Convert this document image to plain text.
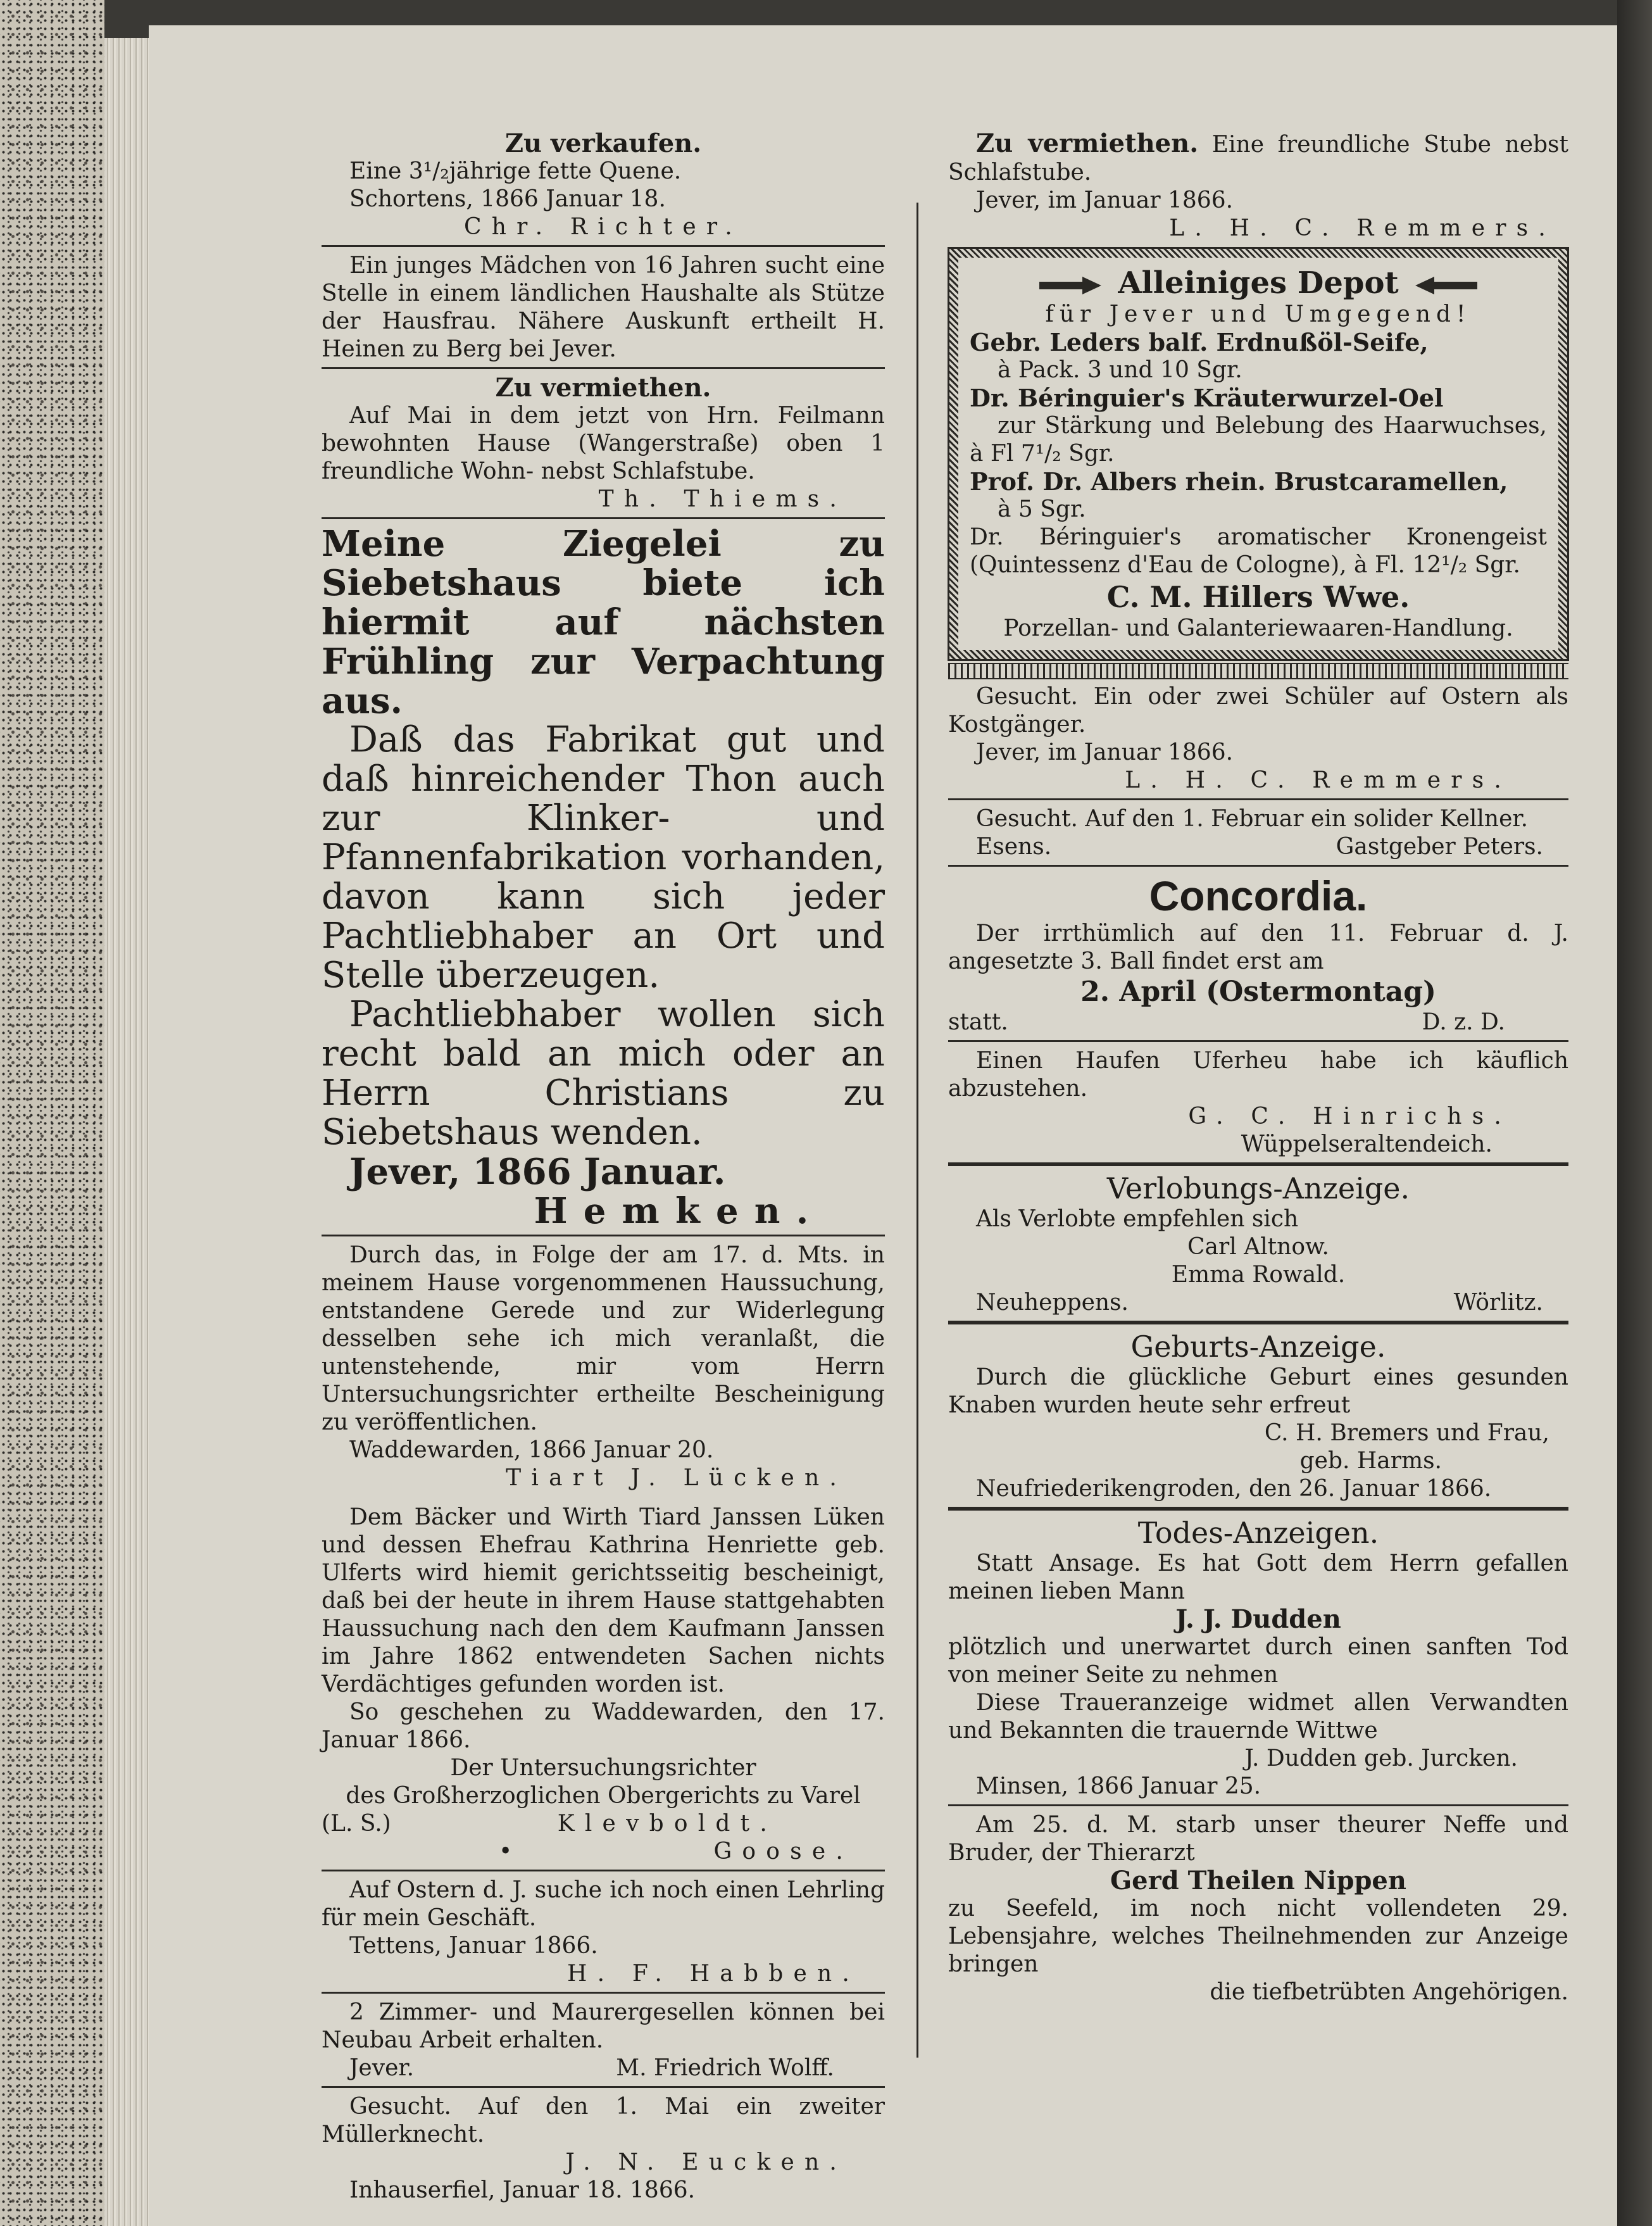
Zu verkaufen.

Eine 3¹/₂jährige fette Quene.

Schortens, 1866 Januar 18.

Chr. Richter.

Ein junges Mädchen von 16 Jahren sucht eine Stelle in einem ländlichen Haushalte als Stütze der Hausfrau. Nähere Auskunft ertheilt H. Heinen zu Berg bei Jever.

Zu vermiethen.

Auf Mai in dem jetzt von Hrn. Feilmann bewohnten Hause (Wangerstraße) oben 1 freundliche Wohn- nebst Schlafstube.

Th. Thiems.

Meine Ziegelei zu Siebetshaus biete ich hiermit auf nächsten Frühling zur Verpachtung aus.

Daß das Fabrikat gut und daß hinreichender Thon auch zur Klinker- und Pfannenfabrikation vorhanden, davon kann sich jeder Pachtliebhaber an Ort und Stelle überzeugen.

Pachtliebhaber wollen sich recht bald an mich oder an Herrn Christians zu Siebetshaus wenden.

Jever, 1866 Januar.

Hemken.

Durch das, in Folge der am 17. d. Mts. in meinem Hause vorgenommenen Haussuchung, entstandene Gerede und zur Widerlegung desselben sehe ich mich veranlaßt, die untenstehende, mir vom Herrn Untersuchungsrichter ertheilte Bescheinigung zu veröffentlichen.

Waddewarden, 1866 Januar 20.

Tiart J. Lücken.

Dem Bäcker und Wirth Tiard Janssen Lüken und dessen Ehefrau Kathrina Henriette geb. Ulferts wird hiemit gerichtsseitig bescheinigt, daß bei der heute in ihrem Hause stattgehabten Haussuchung nach den dem Kaufmann Janssen im Jahre 1862 entwendeten Sachen nichts Verdächtiges gefunden worden ist.

So geschehen zu Waddewarden, den 17. Januar 1866.

Der Untersuchungsrichter

des Großherzoglichen Obergerichts zu Varel

(L. S.)	Klevboldt.
•	Goose.

Auf Ostern d. J. suche ich noch einen Lehrling für mein Geschäft.

Tettens, Januar 1866.

H. F. Habben.

2 Zimmer- und Maurergesellen können bei Neubau Arbeit erhalten.

Jever.	M. Friedrich Wolff.

Gesucht. Auf den 1. Mai ein zweiter Müllerknecht.

J. N. Eucken.

Inhauserfiel, Januar 18. 1866.

Zu vermiethen. Eine freundliche Stube nebst Schlafstube.

Jever, im Januar 1866.

L. H. C. Remmers.

Alleiniges Depot

für Jever und Umgegend!

Gebr. Leders balf. Erdnußöl-Seife,

à Pack. 3 und 10 Sgr.

Dr. Béringuier's Kräuterwurzel-Oel

zur Stärkung und Belebung des Haarwuchses, à Fl 7¹/₂ Sgr.

Prof. Dr. Albers rhein. Brustcaramellen,

à 5 Sgr.

Dr. Béringuier's aromatischer Kronengeist (Quintessenz d'Eau de Cologne), à Fl. 12¹/₂ Sgr.

C. M. Hillers Wwe.

Porzellan- und Galanteriewaaren-Handlung.

Gesucht. Ein oder zwei Schüler auf Ostern als Kostgänger.

Jever, im Januar 1866.

L. H. C. Remmers.

Gesucht. Auf den 1. Februar ein solider Kellner.

Esens.	Gastgeber Peters.

Concordia.

Der irrthümlich auf den 11. Februar d. J. angesetzte 3. Ball findet erst am

2. April (Ostermontag)

statt.	D. z. D.

Einen Haufen Uferheu habe ich käuflich abzustehen.

G. C. Hinrichs.

Wüppelseraltendeich.

Verlobungs-Anzeige.

Als Verlobte empfehlen sich

Carl Altnow.

Emma Rowald.

Neuheppens.	Wörlitz.

Geburts-Anzeige.

Durch die glückliche Geburt eines gesunden Knaben wurden heute sehr erfreut

C. H. Bremers und Frau,

geb. Harms.

Neufriederikengroden, den 26. Januar 1866.

Todes-Anzeigen.

Statt Ansage. Es hat Gott dem Herrn gefallen meinen lieben Mann

J. J. Dudden

plötzlich und unerwartet durch einen sanften Tod von meiner Seite zu nehmen

Diese Traueranzeige widmet allen Verwandten und Bekannten die trauernde Wittwe

J. Dudden geb. Jurcken.

Minsen, 1866 Januar 25.

Am 25. d. M. starb unser theurer Neffe und Bruder, der Thierarzt

Gerd Theilen Nippen

zu Seefeld, im noch nicht vollendeten 29. Lebensjahre, welches Theilnehmenden zur Anzeige bringen

die tiefbetrübten Angehörigen.
